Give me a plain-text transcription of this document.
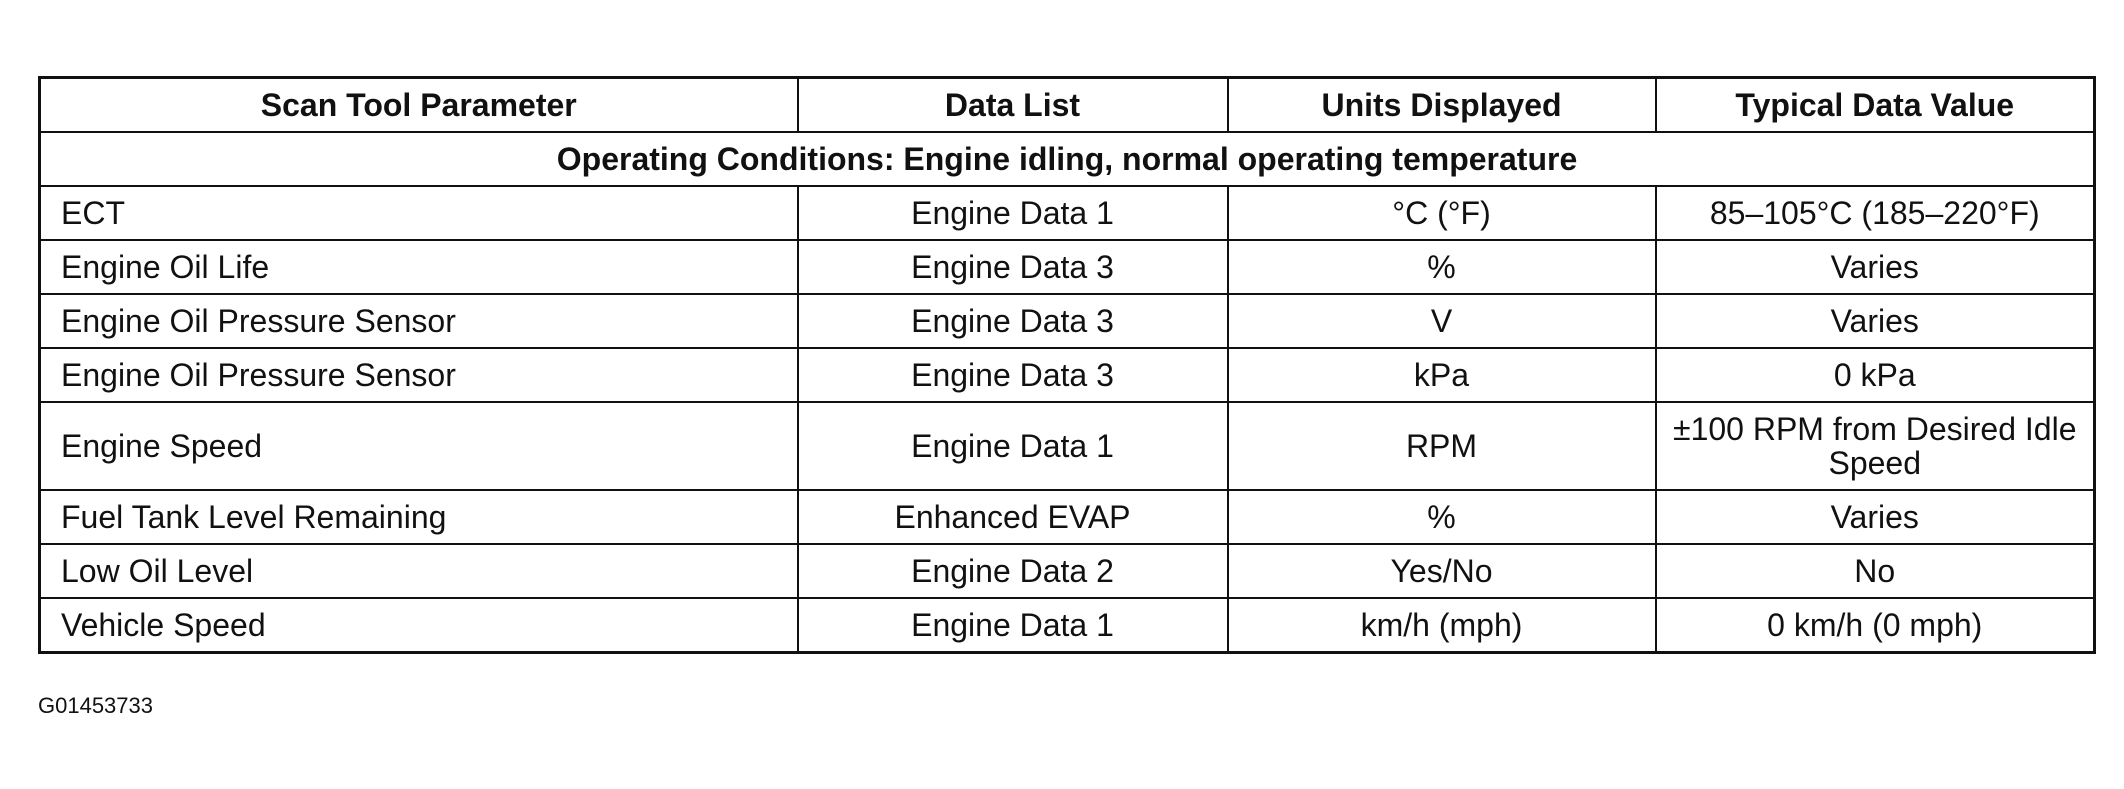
Scan Tool Parameter	Data List	Units Displayed	Typical Data Value
Operating Conditions: Engine idling, normal operating temperature			
ECT	Engine Data 1	°C (°F)	85–105°C (185–220°F)
Engine Oil Life	Engine Data 3	%	Varies
Engine Oil Pressure Sensor	Engine Data 3	V	Varies
Engine Oil Pressure Sensor	Engine Data 3	kPa	0 kPa
Engine Speed	Engine Data 1	RPM	±100 RPM from Desired Idle Speed
Fuel Tank Level Remaining	Enhanced EVAP	%	Varies
Low Oil Level	Engine Data 2	Yes/No	No
Vehicle Speed	Engine Data 1	km/h (mph)	0 km/h (0 mph)
G01453733
